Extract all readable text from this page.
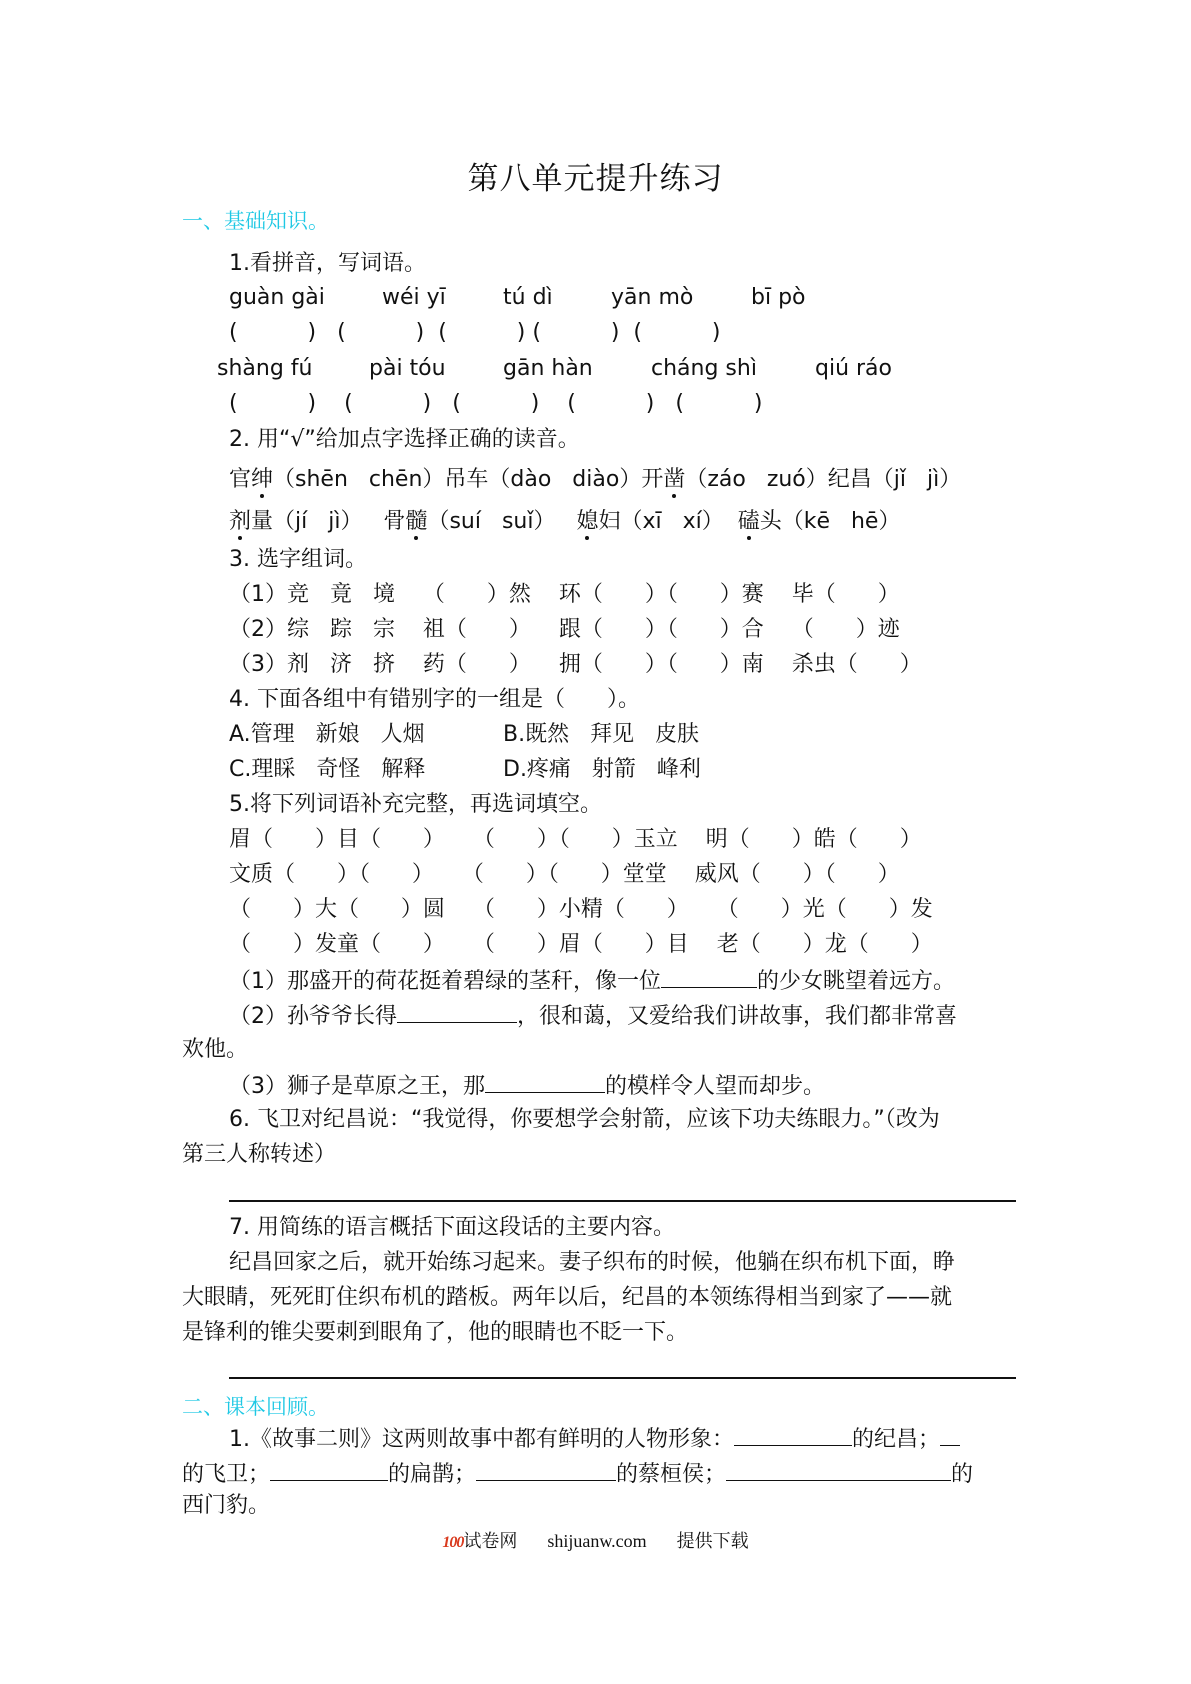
第八单元提升练习
一、基础知识。
1.看拼音，写词语。
guàn gài	wéi yī	tú dì	yān mò	bī pò
(          ) (          ) (          ) (          ) (          )
shàng fú	pài tóu	gān hàn	cháng shì	qiú ráo
(          ) (          ) (          ) (          ) (          )
2. 用“√”给加点字选择正确的读音。
官绅（shēn   chēn）吊车（dào   diào）开凿（záo   zuó）纪昌（jǐ   jì）
剂量（jí   jì）   骨髓（suí   suǐ）   媳妇（xī   xí）  磕头（kē   hē）
3. 选字组词。
（1）竞   竟   境    （      ）然    环（      ）（      ）赛    毕（      ）
（2）综   踪   宗    祖（      ）    跟（      ）（      ）合    （      ）迹
（3）剂   济   挤    药（      ）    拥（      ）（      ）南    杀虫（      ）
4. 下面各组中有错别字的一组是（      ）。
A.管理   新娘   人烟	B.既然   拜见   皮肤
C.理睬   奇怪   解释	D.疼痛   射箭   峰利
5.将下列词语补充完整，再选词填空。
眉（      ）目（      ）    （      ）（      ）玉立    明（      ）皓（      ）
文质（      ）（      ）    （      ）（      ）堂堂    威风（      ）（      ）
（      ）大（      ）圆    （      ）小精（      ）    （      ）光（      ）发
（      ）发童（      ）    （      ）眉（      ）目    老（      ）龙（      ）
（1）那盛开的荷花挺着碧绿的茎秆，像一位	的少女眺望着远方。
（2）孙爷爷长得	，很和蔼，又爱给我们讲故事，我们都非常喜
欢他。
（3）狮子是草原之王，那	的模样令人望而却步。
6. 飞卫对纪昌说：“我觉得，你要想学会射箭，应该下功夫练眼力。”（改为
第三人称转述）
7. 用简练的语言概括下面这段话的主要内容。
纪昌回家之后，就开始练习起来。妻子织布的时候，他躺在织布机下面，睁
大眼睛，死死盯住织布机的踏板。两年以后，纪昌的本领练得相当到家了——就
是锋利的锥尖要刺到眼角了，他的眼睛也不眨一下。
二、课本回顾。
1.《故事二则》这两则故事中都有鲜明的人物形象：	的纪昌；
的飞卫；	的扁鹊；	的蔡桓侯；	的
西门豹。
100试卷网 shijuanw.com 提供下载
